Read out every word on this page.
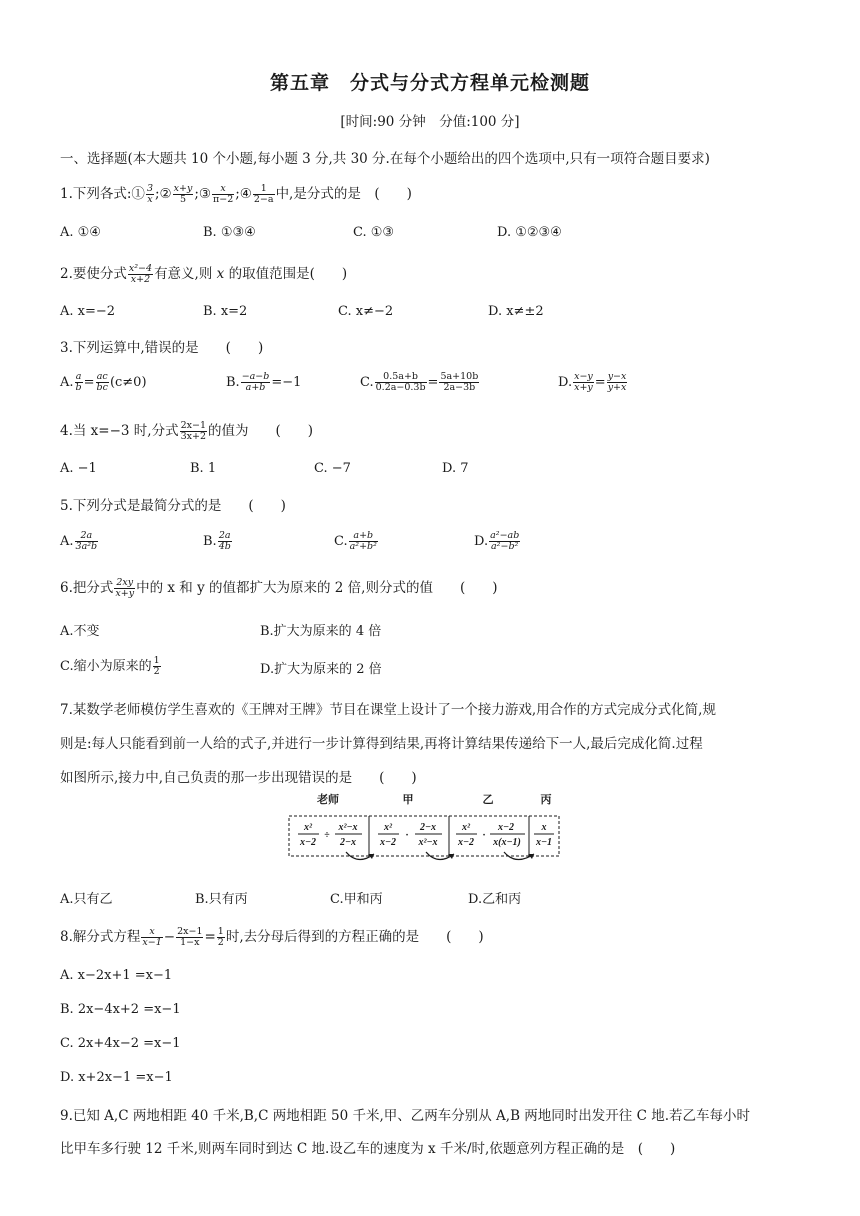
第五章　分式与分式方程单元检测题
[时间:90 分钟　分值:100 分]
一、选择题(本大题共 10 个小题,每小题 3 分,共 30 分.在每个小题给出的四个选项中,只有一项符合题目要求)
1.下列各式:① $\frac{3}{x}$ ;② $\frac{x+y}{5}$ ;③ $\frac{x}{\pi-2}$ ;④ $\frac{1}{2-a}$ 中,是分式的是　(　　)
A. ①④	B. ①③④	C. ①③	D. ①②③④
2.要使分式 $\frac{\text{x²−4}}{x+2}$ 有意义,则 x 的取值范围是(　　)
A. x=−2	B. x=2	C. x≠−2	D. x≠±2
3.下列运算中,错误的是　　(　　)
A. $\frac{a}{b} = \frac{ac}{bc} (c\ne 0)$	B. $\frac{-a-b}{a+b} =-1$	C. $\frac{0.5a+b}{0.2a-0.3b} = \frac{5a+10b}{2a-3b}$	D. $\frac{x-y}{x+y} = \frac{y-x}{y+x}$
4.当 x=−3 时,分式 $\frac{2x-1}{3x+2}$ 的值为　　(　　)
A. −1	B. 1	C. −7	D. 7
5.下列分式是最简分式的是　　(　　)
A. $\frac{2a}{\text{3a²b}}$	B. $\frac{2a}{4b}$	C. $\frac{a+b}{\text{a²+b²}}$	D. $\frac{\text{a²−ab}}{\text{a²−b²}}$
6.把分式 $\frac{2xy}{x+y}$ 中的 x 和 y 的值都扩大为原来的 2 倍,则分式的值　　(　　)
A.不变	B.扩大为原来的 4 倍
C.缩小为原来的 $\frac{1}{2}$	D.扩大为原来的 2 倍
7.某数学老师模仿学生喜欢的《王牌对王牌》节目在课堂上设计了一个接力游戏,用合作的方式完成分式化简,规
则是:每人只能看到前一人给的式子,并进行一步计算得到结果,再将计算结果传递给下一人,最后完成化简.过程
如图所示,接力中,自己负责的那一步出现错误的是　　(　　)
老师	甲	乙	丙
x²
x−2
÷
x²−x
2−x
x²
x−2
·
2−x
x²−x
x²
x−2
·
x−2
x(x−1)
x
x−1
A.只有乙	B.只有丙	C.甲和丙	D.乙和丙
8.解分式方程 $\frac{x}{x-1} - \frac{2x-1}{1-x} = \frac{1}{2}$ 时,去分母后得到的方程正确的是　　(　　)
A. x−2x+1 =x−1
B. 2x−4x+2 =x−1
C. 2x+4x−2 =x−1
D. x+2x−1 =x−1
9.已知 A,C 两地相距 40 千米,B,C 两地相距 50 千米,甲、乙两车分别从 A,B 两地同时出发开往 C 地.若乙车每小时
比甲车多行驶 12 千米,则两车同时到达 C 地.设乙车的速度为 x 千米/时,依题意列方程正确的是　(　　)
